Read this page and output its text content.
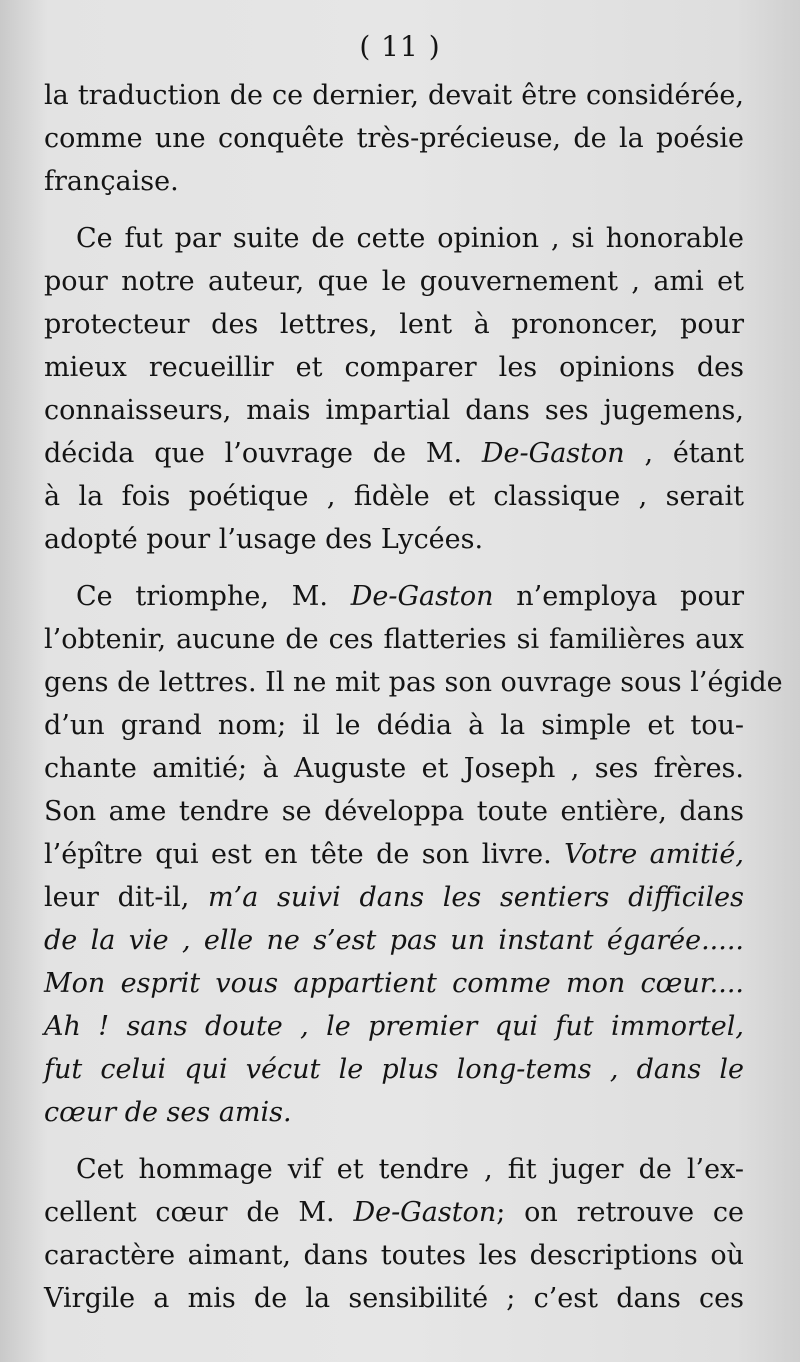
( 11 )
la traduction de ce dernier, devait être considérée,
comme une conquête très-précieuse, de la poésie
française.
Ce fut par suite de cette opinion , si honorable
pour notre auteur, que le gouvernement , ami et
protecteur des lettres, lent à prononcer, pour
mieux recueillir et comparer les opinions des
connaisseurs, mais impartial dans ses jugemens,
décida que l’ouvrage de M. De-Gaston , étant
à la fois poétique , fidèle et classique , serait
adopté pour l’usage des Lycées.
Ce triomphe, M. De-Gaston n’employa pour
l’obtenir, aucune de ces flatteries si familières aux
gens de lettres. Il ne mit pas son ouvrage sous l’égide
d’un grand nom; il le dédia à la simple et tou-
chante amitié; à Auguste et Joseph , ses frères.
Son ame tendre se développa toute entière, dans
l’épître qui est en tête de son livre. Votre amitié,
leur dit-il, m’a suivi dans les sentiers difficiles
de la vie , elle ne s’est pas un instant égarée.....
Mon esprit vous appartient comme mon cœur....
Ah ! sans doute , le premier qui fut immortel,
fut celui qui vécut le plus long-tems , dans le
cœur de ses amis.
Cet hommage vif et tendre , fit juger de l’ex-
cellent cœur de M. De-Gaston; on retrouve ce
caractère aimant, dans toutes les descriptions où
Virgile a mis de la sensibilité ; c’est dans ces
